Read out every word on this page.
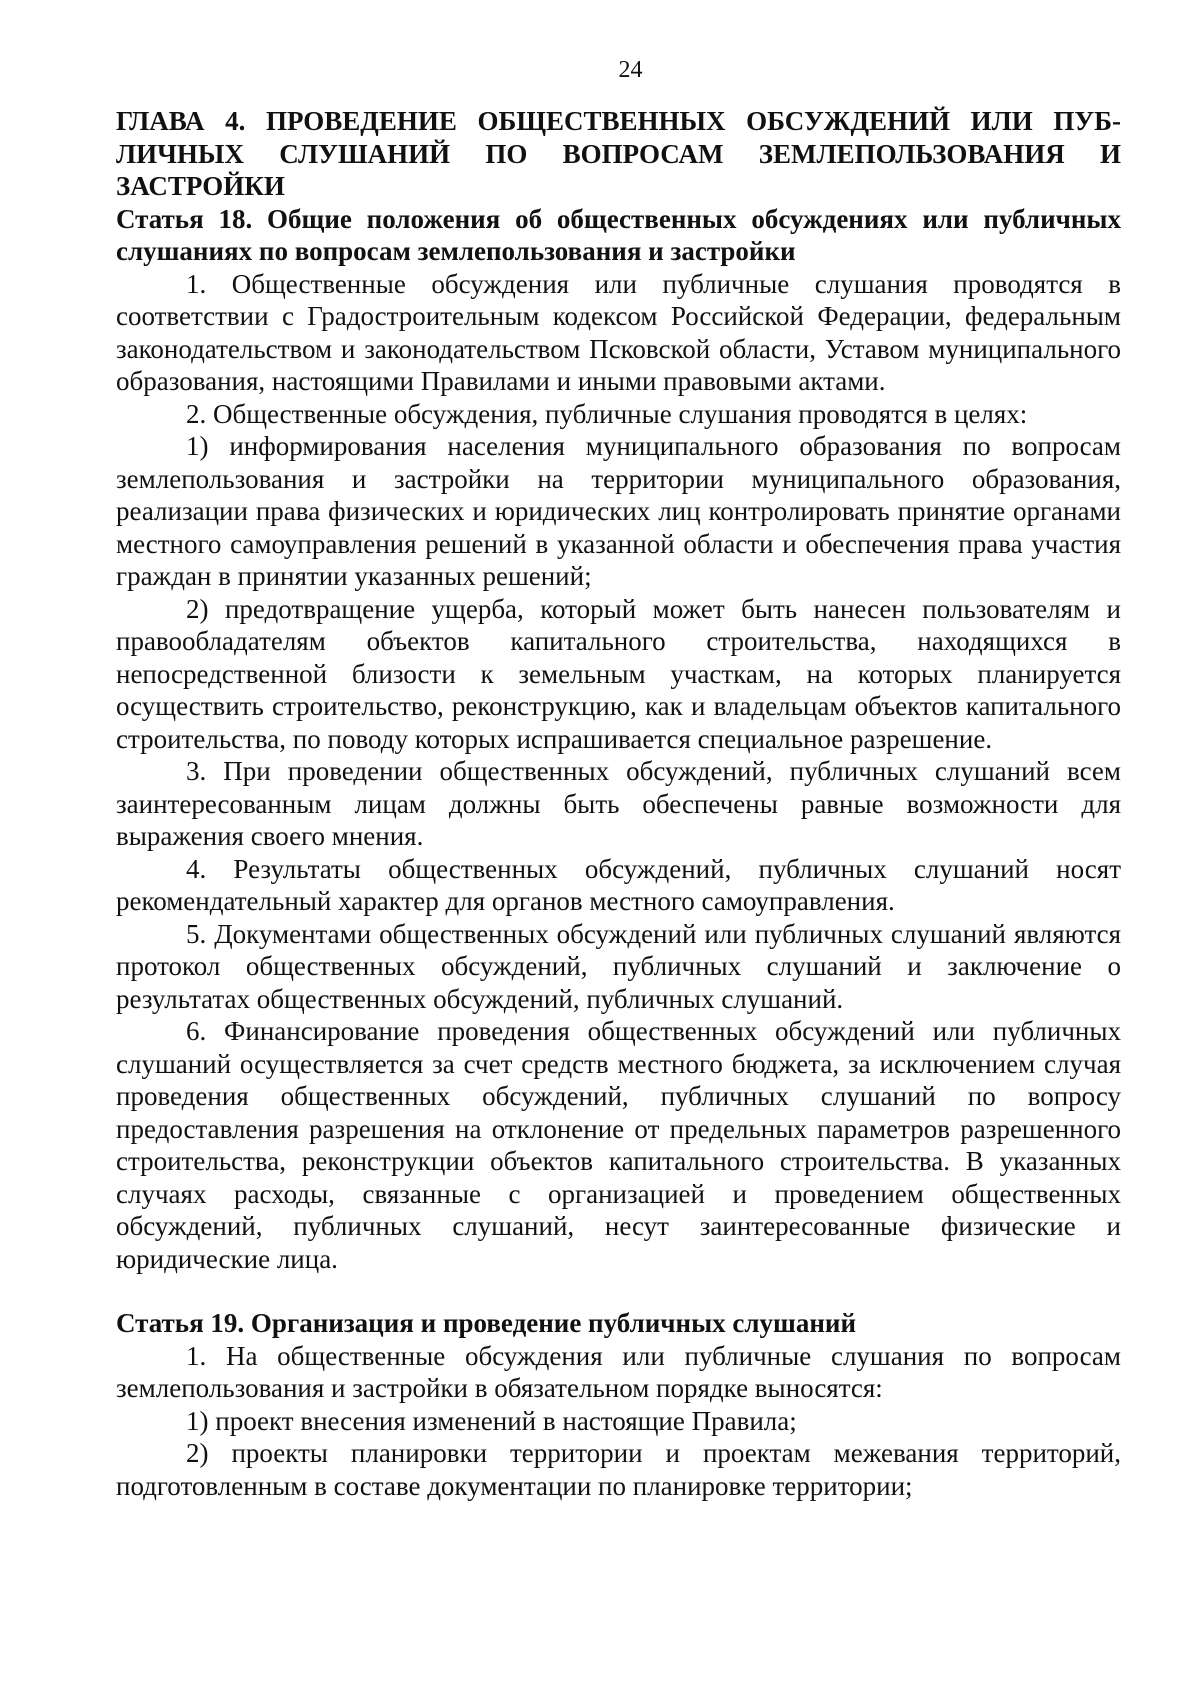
24
ГЛАВА 4. ПРОВЕДЕНИЕ ОБЩЕСТВЕННЫХ ОБСУЖДЕНИЙ ИЛИ ПУБ-
ЛИЧНЫХ СЛУШАНИЙ ПО ВОПРОСАМ ЗЕМЛЕПОЛЬЗОВАНИЯ И
ЗАСТРОЙКИ
Статья 18. Общие положения об общественных обсуждениях или публичных
слушаниях по вопросам землепользования и застройки

1. Общественные обсуждения или публичные слушания проводятся в соответствии с Градостроительным кодексом Российской Федерации, федеральным законодательством и законодательством Псковской области, Уставом муниципального образования, настоящими Правилами и иными правовыми актами.

2. Общественные обсуждения, публичные слушания проводятся в целях:

1) информирования населения муниципального образования по вопросам землепользования и застройки на территории муниципального образования, реализации права физических и юридических лиц контролировать принятие органами местного самоуправления решений в указанной области и обеспечения права участия граждан в принятии указанных решений;

2) предотвращение ущерба, который может быть нанесен пользователям и правообладателям объектов капитального строительства, находящихся в непосредственной близости к земельным участкам, на которых планируется осуществить строительство, реконструкцию, как и владельцам объектов капитального строительства, по поводу которых испрашивается специальное разрешение.

3. При проведении общественных обсуждений, публичных слушаний всем заинтересованным лицам должны быть обеспечены равные возможности для выражения своего мнения.

4. Результаты общественных обсуждений, публичных слушаний носят рекомендательный характер для органов местного самоуправления.

5. Документами общественных обсуждений или публичных слушаний являются протокол общественных обсуждений, публичных слушаний и заключение о результатах общественных обсуждений, публичных слушаний.

6. Финансирование проведения общественных обсуждений или публичных слушаний осуществляется за счет средств местного бюджета, за исключением случая проведения общественных обсуждений, публичных слушаний по вопросу предоставления разрешения на отклонение от предельных параметров разрешенного строительства, реконструкции объектов капитального строительства. В указанных случаях расходы, связанные с организацией и проведением общественных обсуждений, публичных слушаний, несут заинтересованные физические и юридические лица.

Статья 19. Организация и проведение публичных слушаний

1. На общественные обсуждения или публичные слушания по вопросам землепользования и застройки в обязательном порядке выносятся:

1) проект внесения изменений в настоящие Правила;

2) проекты планировки территории и проектам межевания территорий, подготовленным в составе документации по планировке территории;
